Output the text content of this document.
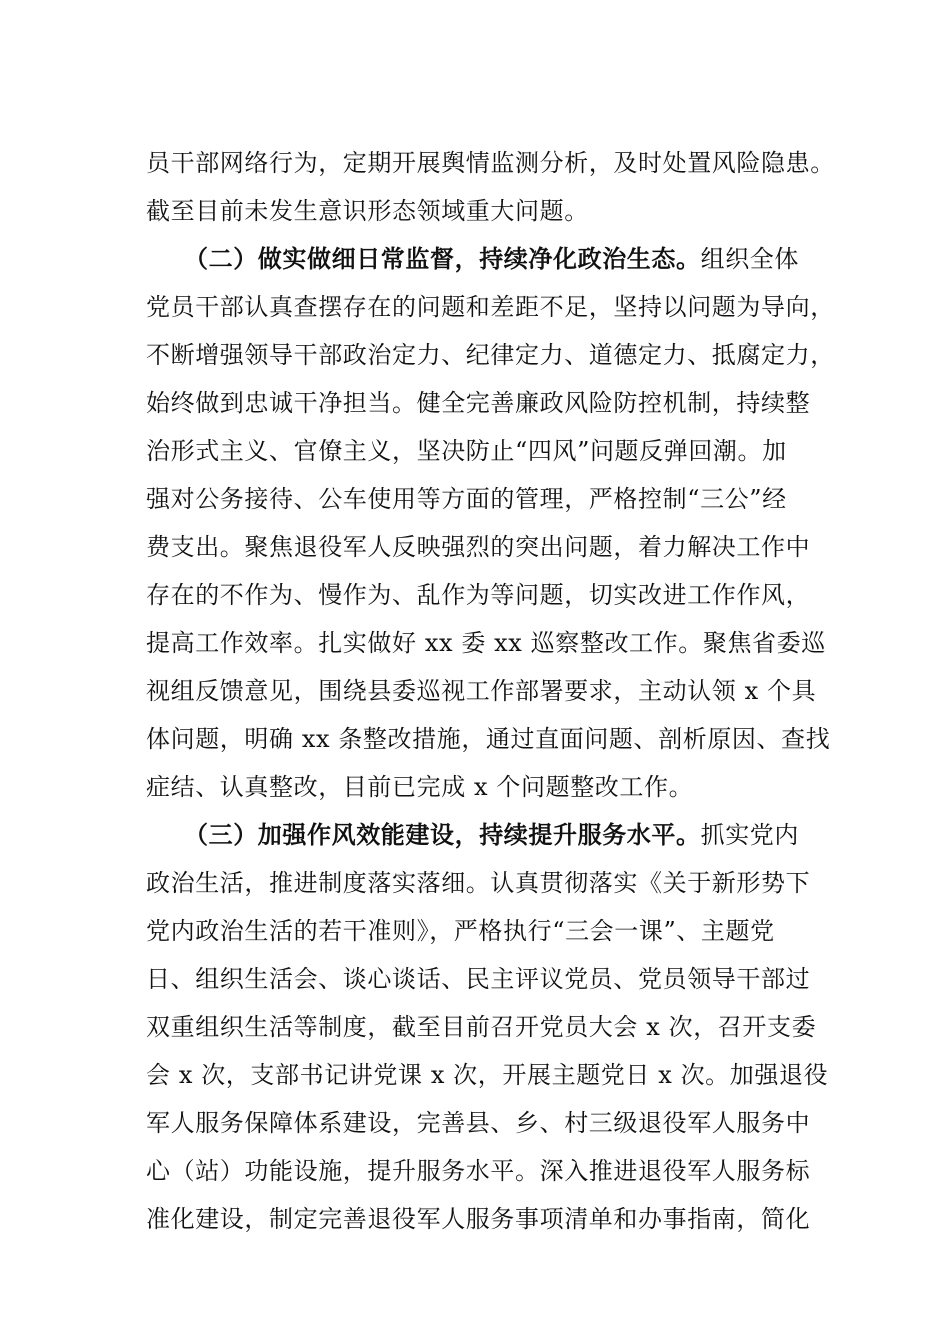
员干部网络行为，定期开展舆情监测分析，及时处置风险隐患。
截至目前未发生意识形态领域重大问题。
（二）做实做细日常监督，持续净化政治生态。组织全体
党员干部认真查摆存在的问题和差距不足，坚持以问题为导向，
不断增强领导干部政治定力、纪律定力、道德定力、抵腐定力，
始终做到忠诚干净担当。健全完善廉政风险防控机制，持续整
治形式主义、官僚主义，坚决防止“四风”问题反弹回潮。加
强对公务接待、公车使用等方面的管理，严格控制“三公”经
费支出。聚焦退役军人反映强烈的突出问题，着力解决工作中
存在的不作为、慢作为、乱作为等问题，切实改进工作作风，
提高工作效率。扎实做好 xx 委 xx 巡察整改工作。聚焦省委巡
视组反馈意见，围绕县委巡视工作部署要求，主动认领 x 个具
体问题，明确 xx 条整改措施，通过直面问题、剖析原因、查找
症结、认真整改，目前已完成 x 个问题整改工作。
（三）加强作风效能建设，持续提升服务水平。抓实党内
政治生活，推进制度落实落细。认真贯彻落实《关于新形势下
党内政治生活的若干准则》，严格执行“三会一课”、主题党
日、组织生活会、谈心谈话、民主评议党员、党员领导干部过
双重组织生活等制度，截至目前召开党员大会 x 次，召开支委
会 x 次，支部书记讲党课 x 次，开展主题党日 x 次。加强退役
军人服务保障体系建设，完善县、乡、村三级退役军人服务中
心（站）功能设施，提升服务水平。深入推进退役军人服务标
准化建设，制定完善退役军人服务事项清单和办事指南，简化
